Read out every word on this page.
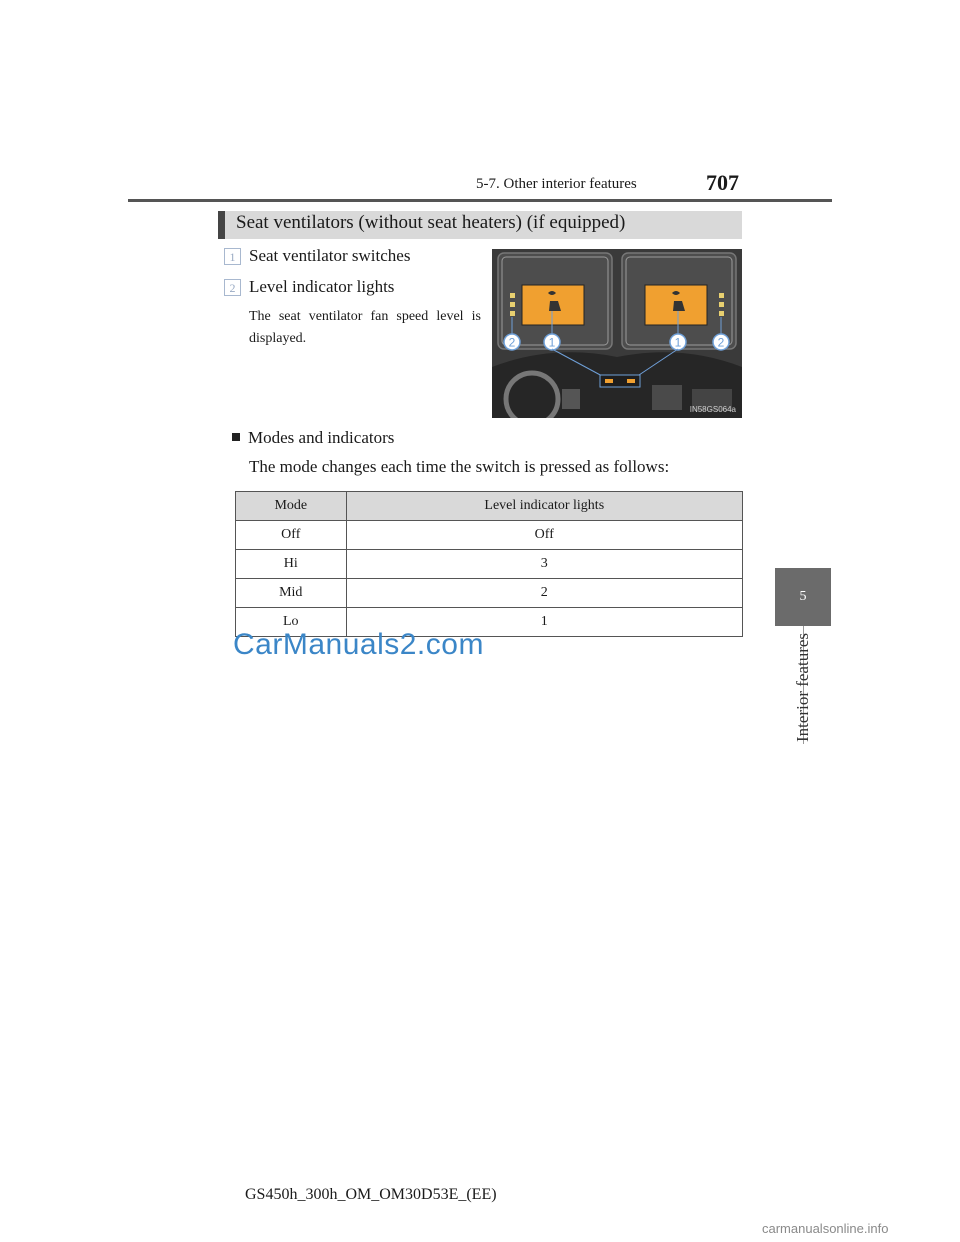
5-7. Other interior features	707
5
Interior features
Seat ventilators (without seat heaters) (if equipped)
1 Seat ventilator switches
2 Level indicator lights
The seat ventilator fan speed level is displayed.	2	1	1	2
IN58GS064a
Modes and indicators
The mode changes each time the switch is pressed as follows:
Mode	Level indicator lights
Off	Off
Hi	3
Mid	2
Lo	1
CarManuals2.com
GS450h_300h_OM_OM30D53E_(EE)
carmanualsonline.info
